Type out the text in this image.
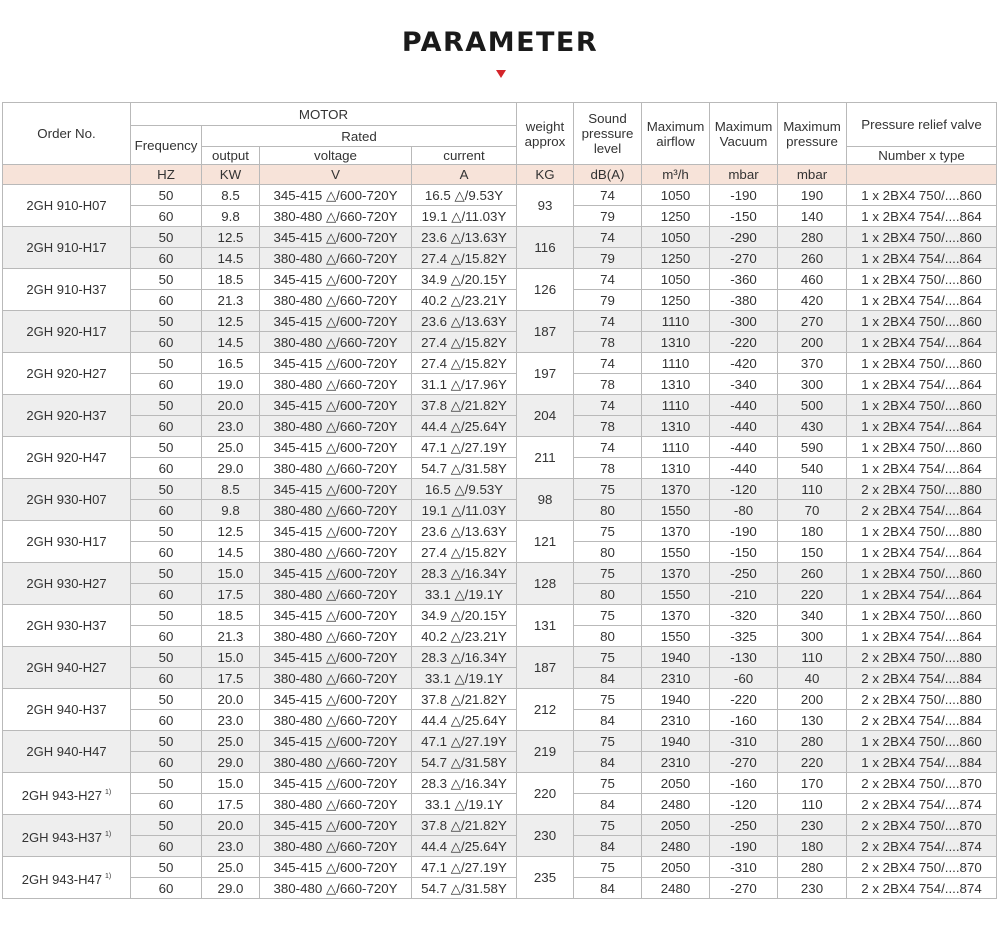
PARAMETER
Order No.	MOTOR				weight approx	Sound pressure level	Maximum airflow	Maximum Vacuum	Maximum pressure	Pressure relief valve
	Frequency	Rated								
		output	voltage	current						Number x type
	HZ	KW	V	A	KG	dB(A)	m³/h	mbar	mbar	
2GH 910-H07	50	8.5	345-415 △/600-720Y	16.5 △/9.53Y	93	74	1050	-190	190	1 x 2BX4 750/....860
	60	9.8	380-480 △/660-720Y	19.1 △/11.03Y		79	1250	-150	140	1 x 2BX4 754/....864
2GH 910-H17	50	12.5	345-415 △/600-720Y	23.6 △/13.63Y	116	74	1050	-290	280	1 x 2BX4 750/....860
	60	14.5	380-480 △/660-720Y	27.4 △/15.82Y		79	1250	-270	260	1 x 2BX4 754/....864
2GH 910-H37	50	18.5	345-415 △/600-720Y	34.9 △/20.15Y	126	74	1050	-360	460	1 x 2BX4 750/....860
	60	21.3	380-480 △/660-720Y	40.2 △/23.21Y		79	1250	-380	420	1 x 2BX4 754/....864
2GH 920-H17	50	12.5	345-415 △/600-720Y	23.6 △/13.63Y	187	74	1110	-300	270	1 x 2BX4 750/....860
	60	14.5	380-480 △/660-720Y	27.4 △/15.82Y		78	1310	-220	200	1 x 2BX4 754/....864
2GH 920-H27	50	16.5	345-415 △/600-720Y	27.4 △/15.82Y	197	74	1110	-420	370	1 x 2BX4 750/....860
	60	19.0	380-480 △/660-720Y	31.1 △/17.96Y		78	1310	-340	300	1 x 2BX4 754/....864
2GH 920-H37	50	20.0	345-415 △/600-720Y	37.8 △/21.82Y	204	74	1110	-440	500	1 x 2BX4 750/....860
	60	23.0	380-480 △/660-720Y	44.4 △/25.64Y		78	1310	-440	430	1 x 2BX4 754/....864
2GH 920-H47	50	25.0	345-415 △/600-720Y	47.1 △/27.19Y	211	74	1110	-440	590	1 x 2BX4 750/....860
	60	29.0	380-480 △/660-720Y	54.7 △/31.58Y		78	1310	-440	540	1 x 2BX4 754/....864
2GH 930-H07	50	8.5	345-415 △/600-720Y	16.5 △/9.53Y	98	75	1370	-120	110	2 x 2BX4 750/....880
	60	9.8	380-480 △/660-720Y	19.1 △/11.03Y		80	1550	-80	70	2 x 2BX4 754/....864
2GH 930-H17	50	12.5	345-415 △/600-720Y	23.6 △/13.63Y	121	75	1370	-190	180	1 x 2BX4 750/....880
	60	14.5	380-480 △/660-720Y	27.4 △/15.82Y		80	1550	-150	150	1 x 2BX4 754/....864
2GH 930-H27	50	15.0	345-415 △/600-720Y	28.3 △/16.34Y	128	75	1370	-250	260	1 x 2BX4 750/....860
	60	17.5	380-480 △/660-720Y	33.1 △/19.1Y		80	1550	-210	220	1 x 2BX4 754/....864
2GH 930-H37	50	18.5	345-415 △/600-720Y	34.9 △/20.15Y	131	75	1370	-320	340	1 x 2BX4 750/....860
	60	21.3	380-480 △/660-720Y	40.2 △/23.21Y		80	1550	-325	300	1 x 2BX4 754/....864
2GH 940-H27	50	15.0	345-415 △/600-720Y	28.3 △/16.34Y	187	75	1940	-130	110	2 x 2BX4 750/....880
	60	17.5	380-480 △/660-720Y	33.1 △/19.1Y		84	2310	-60	40	2 x 2BX4 754/....884
2GH 940-H37	50	20.0	345-415 △/600-720Y	37.8 △/21.82Y	212	75	1940	-220	200	2 x 2BX4 750/....880
	60	23.0	380-480 △/660-720Y	44.4 △/25.64Y		84	2310	-160	130	2 x 2BX4 754/....884
2GH 940-H47	50	25.0	345-415 △/600-720Y	47.1 △/27.19Y	219	75	1940	-310	280	1 x 2BX4 750/....860
	60	29.0	380-480 △/660-720Y	54.7 △/31.58Y		84	2310	-270	220	1 x 2BX4 754/....884
2GH 943-H27 $^{1)}$	50	15.0	345-415 △/600-720Y	28.3 △/16.34Y	220	75	2050	-160	170	2 x 2BX4 750/....870
	60	17.5	380-480 △/660-720Y	33.1 △/19.1Y		84	2480	-120	110	2 x 2BX4 754/....874
2GH 943-H37 $^{1)}$	50	20.0	345-415 △/600-720Y	37.8 △/21.82Y	230	75	2050	-250	230	2 x 2BX4 750/....870
	60	23.0	380-480 △/660-720Y	44.4 △/25.64Y		84	2480	-190	180	2 x 2BX4 754/....874
2GH 943-H47 $^{1)}$	50	25.0	345-415 △/600-720Y	47.1 △/27.19Y	235	75	2050	-310	280	2 x 2BX4 750/....870
	60	29.0	380-480 △/660-720Y	54.7 △/31.58Y		84	2480	-270	230	2 x 2BX4 754/....874
